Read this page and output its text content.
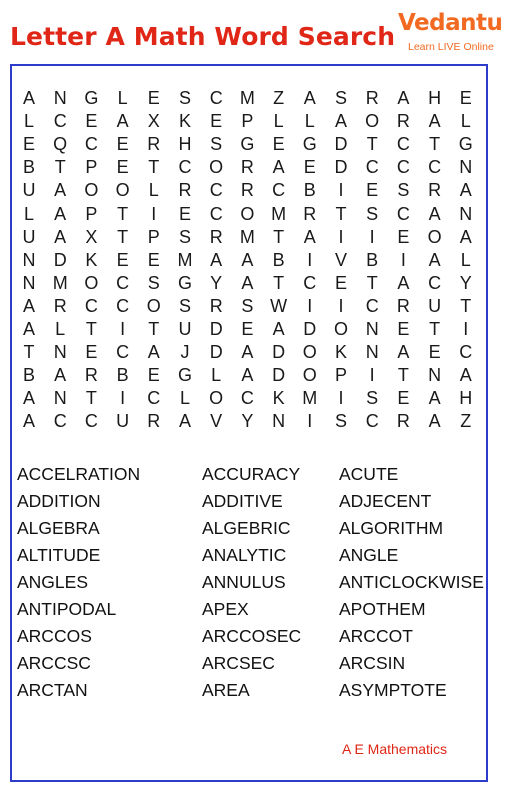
Letter A Math Word Search Vedantu
Learn LIVE Online
A N G	L	E S C M	Z	A S R A H E
L	C E A X K E P	L	L	A O R A	L
E Q C E R H S G E G D	T	C	T	G
B	T	P E	T	C O R A E D C C C N
U A O O	L	R C R C B	I	E S R A
L	A P	T	I	E C O M R	T	S C A N
U A X	T	P S R M	T	A	I	I	E O A
N D K E E M A A B	I	V B	I	A	L
N M O C S G Y A	T	C E	T	A C Y
A R C C O S R S W	I	I	C R U	T
A	L	T	I	T	U D E A D O N E	T	I
T	N E C A	J	D A D O K N A E C
B A R B E G	L	A D O P	I	T	N A
A N	T	I	C	L	O C K M	I	S E A H
A C C U R A V Y N	I	S C R A	Z
ACCELRATION	ACCURACY ACUTE
ADDITION	ADDITIVE	ADJECENT
ALGEBRA	ALGEBRIC	ALGORITHM
ALTITUDE	ANALYTIC	ANGLE
ANGLES	ANNULUS	ANTICLOCKWISE
ANTIPODAL	APEX	APOTHEM
ARCCOS	ARCCOSEC ARCCOT
ARCCSC	ARCSEC	ARCSIN
ARCTAN	AREA	ASYMPTOTE
A E Mathematics
